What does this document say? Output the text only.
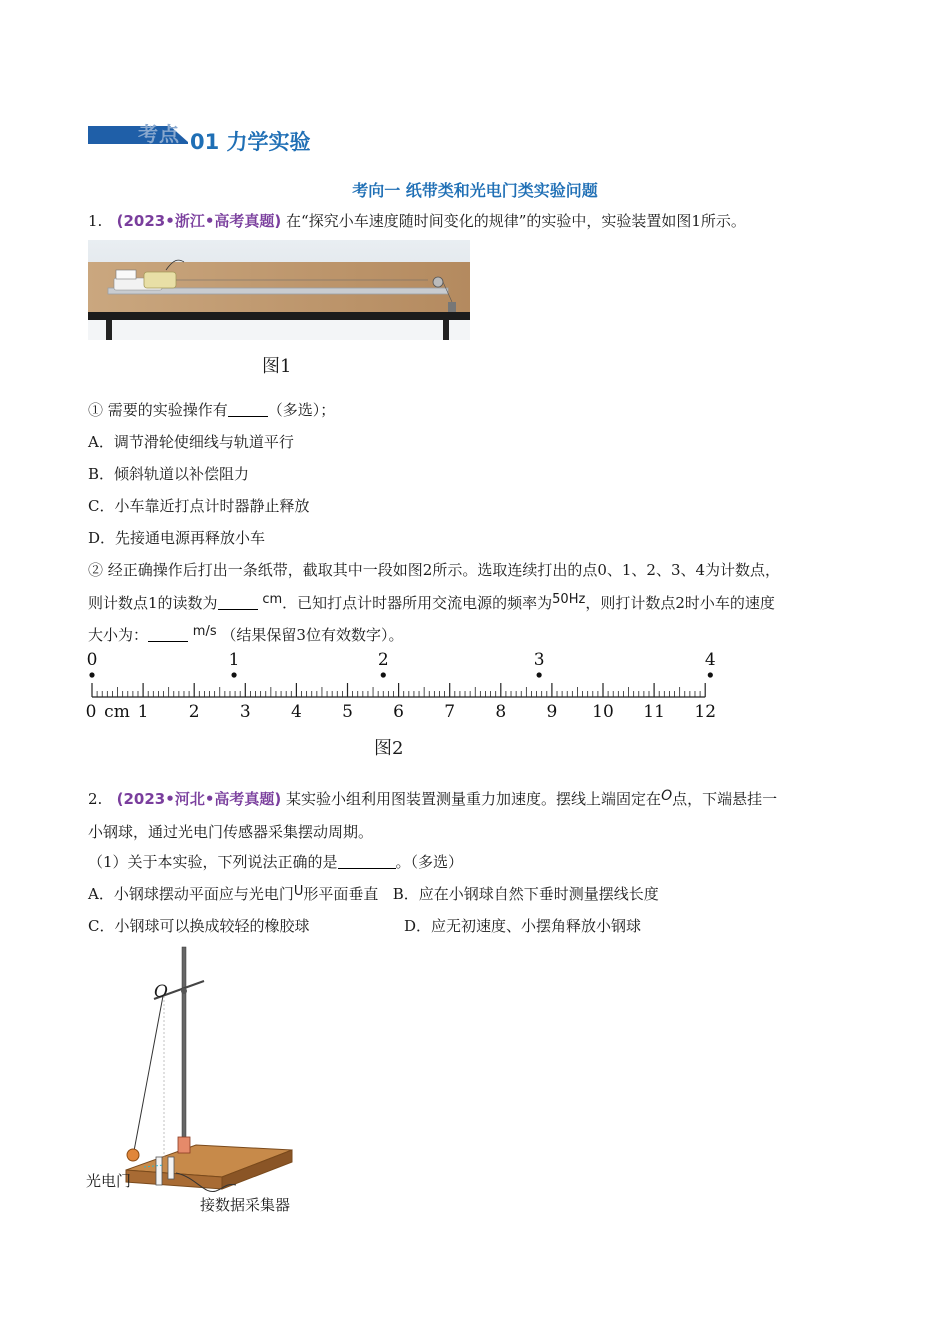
考点 01 力学实验
考向一 纸带类和光电门类实验问题
1. (2023•浙江•高考真题) 在“探究小车速度随时间变化的规律”的实验中，实验装置如图1所示。
图1
① 需要的实验操作有	（多选）；
A．调节滑轮使细线与轨道平行
B．倾斜轨道以补偿阻力
C．小车靠近打点计时器静止释放
D．先接通电源再释放小车
② 经正确操作后打出一条纸带，截取其中一段如图2所示。选取连续打出的点0、1、2、3、4为计数点，
则计数点1的读数为	cm．已知打点计时器所用交流电源的频率为50Hz，则打计数点2时小车的速度
大小为：	m/s （结果保留3位有效数字）。
0 cm 1 2 3 4 5 6 7 8 9 10 11 12
0	1	2	3	4
图2
2. (2023•河北•高考真题) 某实验小组利用图装置测量重力加速度。摆线上端固定在O点，下端悬挂一
小钢球，通过光电门传感器采集摆动周期。
（1）关于本实验，下列说法正确的是	。（多选）
A．小钢球摆动平面应与光电门U形平面垂直 B．应在小钢球自然下垂时测量摆线长度
C．小钢球可以换成较轻的橡胶球	D．应无初速度、小摆角释放小钢球
O
光电门
接数据采集器
